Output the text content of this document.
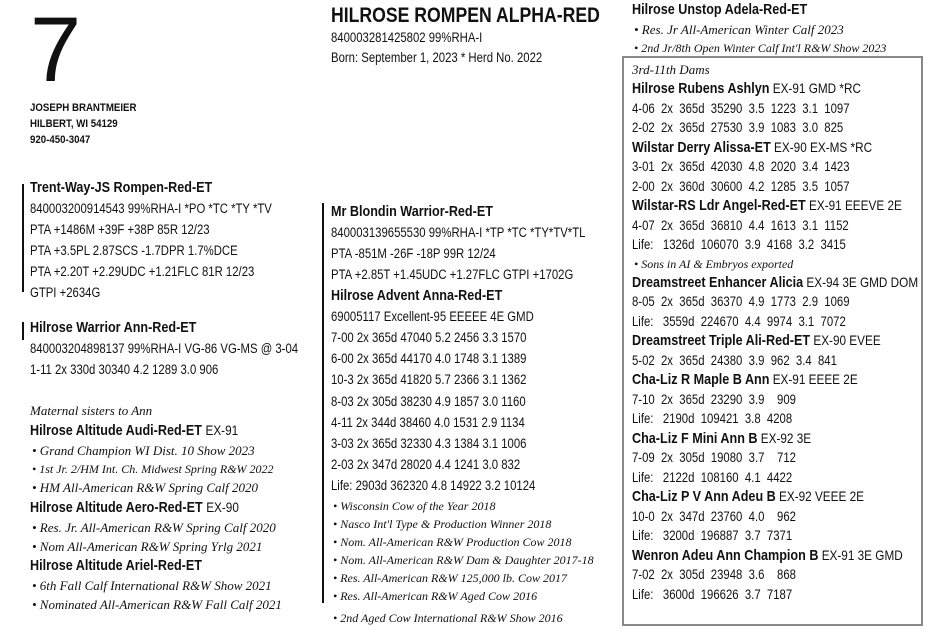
7
JOSEPH BRANTMEIER
HILBERT, WI 54129
920-450-3047
HILROSE ROMPEN ALPHA-RED
840003281425802 99%RHA-I
Born: September 1, 2023 * Herd No. 2022
Trent-Way-JS Rompen-Red-ET
840003200914543 99%RHA-I *PO *TC *TY *TV
PTA +1486M +39F +38P 85R 12/23
PTA +3.5PL 2.87SCS -1.7DPR 1.7%DCE
PTA +2.20T +2.29UDC +1.21FLC 81R 12/23
GTPI +2634G
Hilrose Warrior Ann-Red-ET
840003204898137 99%RHA-I VG-86 VG-MS @ 3-04
1-11 2x 330d 30340 4.2 1289 3.0 906
Maternal sisters to Ann
Hilrose Altitude Audi-Red-ET EX-91
• Grand Champion WI Dist. 10 Show 2023
• 1st Jr. 2/HM Int. Ch. Midwest Spring R&W 2022
• HM All-American R&W Spring Calf 2020
Hilrose Altitude Aero-Red-ET EX-90
• Res. Jr. All-American R&W Spring Calf 2020
• Nom All-American R&W Spring Yrlg 2021
Hilrose Altitude Ariel-Red-ET
• 6th Fall Calf International R&W Show 2021
• Nominated All-American R&W Fall Calf 2021
Mr Blondin Warrior-Red-ET
840003139655530 99%RHA-I *TP *TC *TY*TV*TL
PTA -851M -26F -18P 99R 12/24
PTA +2.85T +1.45UDC +1.27FLC GTPI +1702G
Hilrose Advent Anna-Red-ET
69005117 Excellent-95 EEEEE 4E GMD
7-00 2x 365d 47040 5.2 2456 3.3 1570
6-00 2x 365d 44170 4.0 1748 3.1 1389
10-3 2x 365d 41820 5.7 2366 3.1 1362
8-03 2x 305d 38230 4.9 1857 3.0 1160
4-11 2x 344d 38460 4.0 1531 2.9 1134
3-03 2x 365d 32330 4.3 1384 3.1 1006
2-03 2x 347d 28020 4.4 1241 3.0 832
Life: 2903d 362320 4.8 14922 3.2 10124
• Wisconsin Cow of the Year 2018
• Nasco Int'l Type & Production Winner 2018
• Nom. All-American R&W Production Cow 2018
• Nom. All-American R&W Dam & Daughter 2017-18
• Res. All-American R&W 125,000 lb. Cow 2017
• Res. All-American R&W Aged Cow 2016
• 2nd Aged Cow International R&W Show 2016
Hilrose Unstop Adela-Red-ET
• Res. Jr All-American Winter Calf 2023
• 2nd Jr/8th Open Winter Calf Int'l R&W Show 2023
3rd-11th Dams
Hilrose Rubens Ashlyn EX-91 GMD *RC
4-06  2x  365d  35290  3.5  1223  3.1  1097
2-02  2x  365d  27530  3.9  1083  3.0  825
Wilstar Derry Alissa-ET EX-90 EX-MS *RC
3-01  2x  365d  42030  4.8  2020  3.4  1423
2-00  2x  360d  30600  4.2  1285  3.5  1057
Wilstar-RS Ldr Angel-Red-ET EX-91 EEEVE 2E
4-07  2x  365d  36810  4.4  1613  3.1  1152
Life:   1326d  106070  3.9  4168  3.2  3415
• Sons in AI & Embryos exported
Dreamstreet Enhancer Alicia EX-94 3E GMD DOM
8-05  2x  365d  36370  4.9  1773  2.9  1069
Life:   3559d  224670  4.4  9974  3.1  7072
Dreamstreet Triple Ali-Red-ET EX-90 EVEE
5-02  2x  365d  24380  3.9  962  3.4  841
Cha-Liz R Maple B Ann EX-91 EEEE 2E
7-10  2x  365d  23290  3.9    909
Life:   2190d  109421  3.8  4208
Cha-Liz F Mini Ann B EX-92 3E
7-09  2x  305d  19080  3.7    712
Life:   2122d  108160  4.1  4422
Cha-Liz P V Ann Adeu B EX-92 VEEE 2E
10-0  2x  347d  23760  4.0    962
Life:   3200d  196887  3.7  7371
Wenron Adeu Ann Champion B EX-91 3E GMD
7-02  2x  305d  23948  3.6    868
Life:   3600d  196626  3.7  7187
